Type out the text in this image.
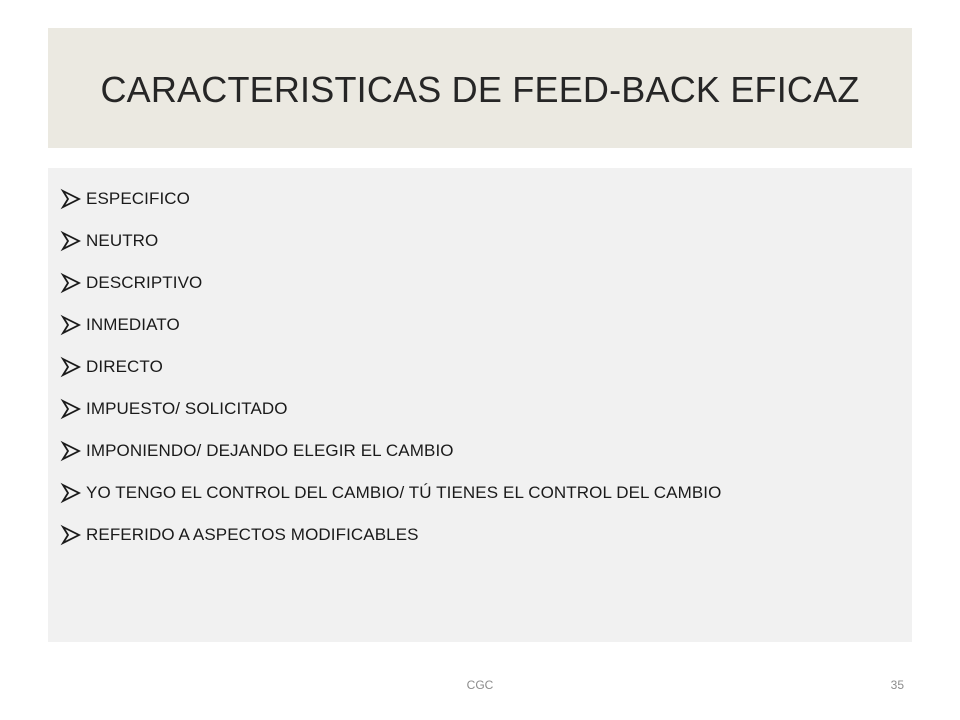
CARACTERISTICAS DE FEED-BACK EFICAZ
ESPECIFICO
NEUTRO
DESCRIPTIVO
INMEDIATO
DIRECTO
IMPUESTO/ SOLICITADO
IMPONIENDO/ DEJANDO ELEGIR EL CAMBIO
YO TENGO EL CONTROL DEL CAMBIO/ TÚ TIENES EL CONTROL DEL CAMBIO
REFERIDO A ASPECTOS MODIFICABLES
CGC	35
